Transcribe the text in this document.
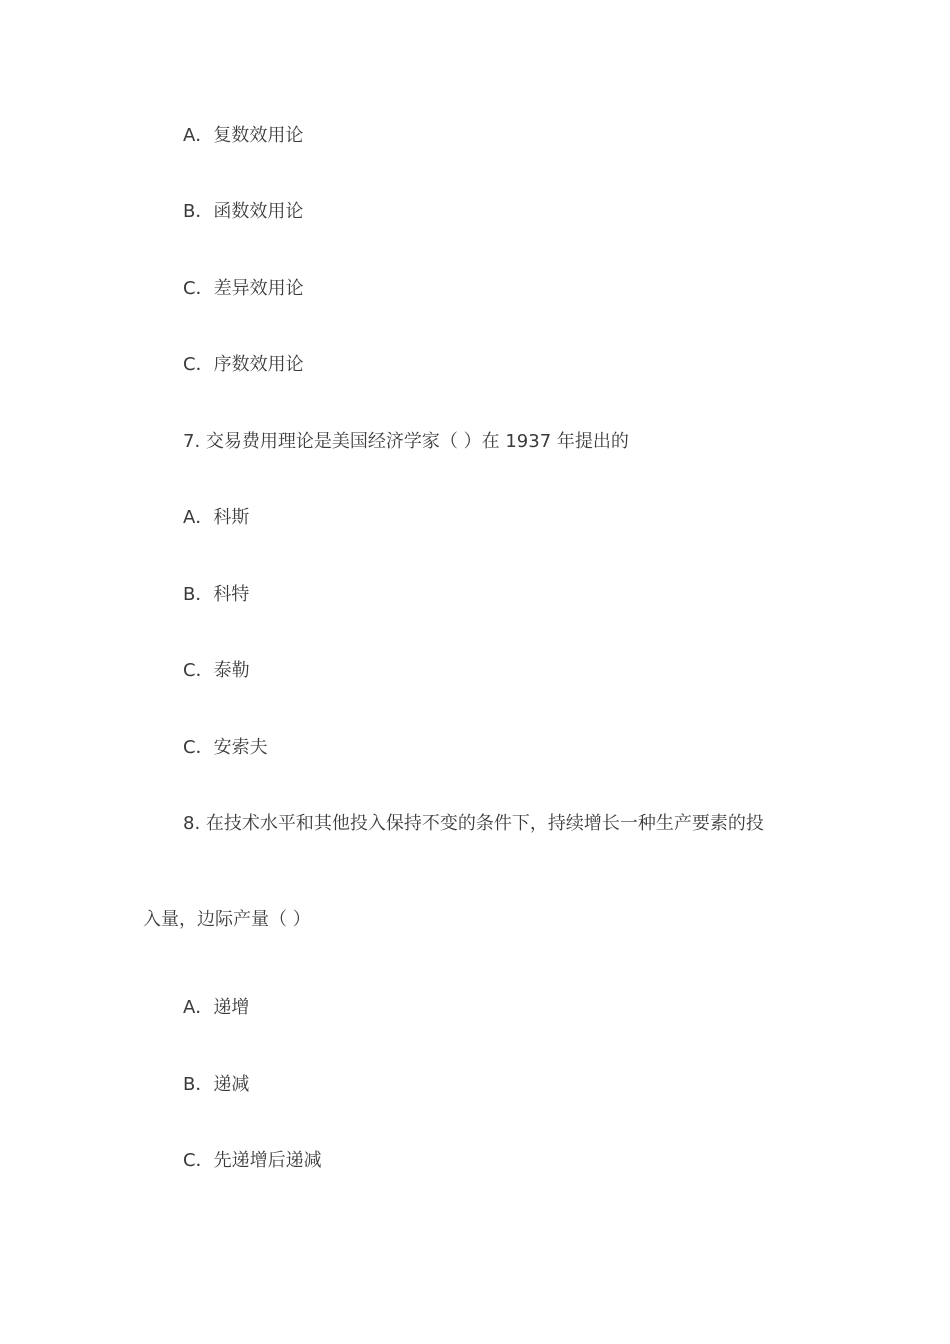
A．复数效用论

B．函数效用论

C．差异效用论

C．序数效用论

7. 交易费用理论是美国经济学家（ ）在 1937 年提出的

A．科斯

B．科特

C．泰勒

C．安索夫

8. 在技术水平和其他投入保持不变的条件下，持续增长一种生产要素的投

入量，边际产量（ ）

A．递增

B．递减

C．先递增后递减
